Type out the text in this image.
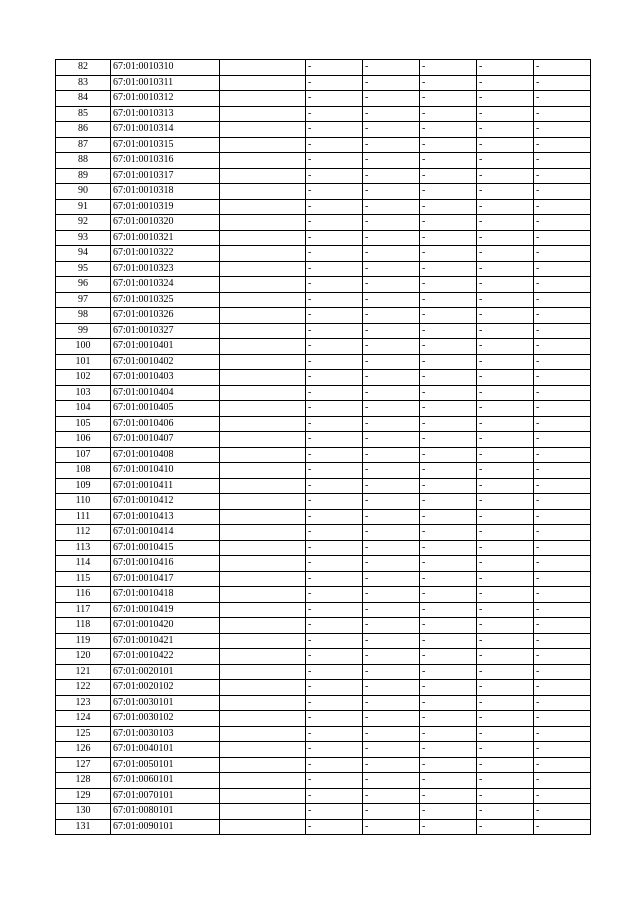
82	67:01:0010310		-	-	-	-	-
83	67:01:0010311		-	-	-	-	-
84	67:01:0010312		-	-	-	-	-
85	67:01:0010313		-	-	-	-	-
86	67:01:0010314		-	-	-	-	-
87	67:01:0010315		-	-	-	-	-
88	67:01:0010316		-	-	-	-	-
89	67:01:0010317		-	-	-	-	-
90	67:01:0010318		-	-	-	-	-
91	67:01:0010319		-	-	-	-	-
92	67:01:0010320		-	-	-	-	-
93	67:01:0010321		-	-	-	-	-
94	67:01:0010322		-	-	-	-	-
95	67:01:0010323		-	-	-	-	-
96	67:01:0010324		-	-	-	-	-
97	67:01:0010325		-	-	-	-	-
98	67:01:0010326		-	-	-	-	-
99	67:01:0010327		-	-	-	-	-
100	67:01:0010401		-	-	-	-	-
101	67:01:0010402		-	-	-	-	-
102	67:01:0010403		-	-	-	-	-
103	67:01:0010404		-	-	-	-	-
104	67:01:0010405		-	-	-	-	-
105	67:01:0010406		-	-	-	-	-
106	67:01:0010407		-	-	-	-	-
107	67:01:0010408		-	-	-	-	-
108	67:01:0010410		-	-	-	-	-
109	67:01:0010411		-	-	-	-	-
110	67:01:0010412		-	-	-	-	-
111	67:01:0010413		-	-	-	-	-
112	67:01:0010414		-	-	-	-	-
113	67:01:0010415		-	-	-	-	-
114	67:01:0010416		-	-	-	-	-
115	67:01:0010417		-	-	-	-	-
116	67:01:0010418		-	-	-	-	-
117	67:01:0010419		-	-	-	-	-
118	67:01:0010420		-	-	-	-	-
119	67:01:0010421		-	-	-	-	-
120	67:01:0010422		-	-	-	-	-
121	67:01:0020101		-	-	-	-	-
122	67:01:0020102		-	-	-	-	-
123	67:01:0030101		-	-	-	-	-
124	67:01:0030102		-	-	-	-	-
125	67:01:0030103		-	-	-	-	-
126	67:01:0040101		-	-	-	-	-
127	67:01:0050101		-	-	-	-	-
128	67:01:0060101		-	-	-	-	-
129	67:01:0070101		-	-	-	-	-
130	67:01:0080101		-	-	-	-	-
131	67:01:0090101		-	-	-	-	-
